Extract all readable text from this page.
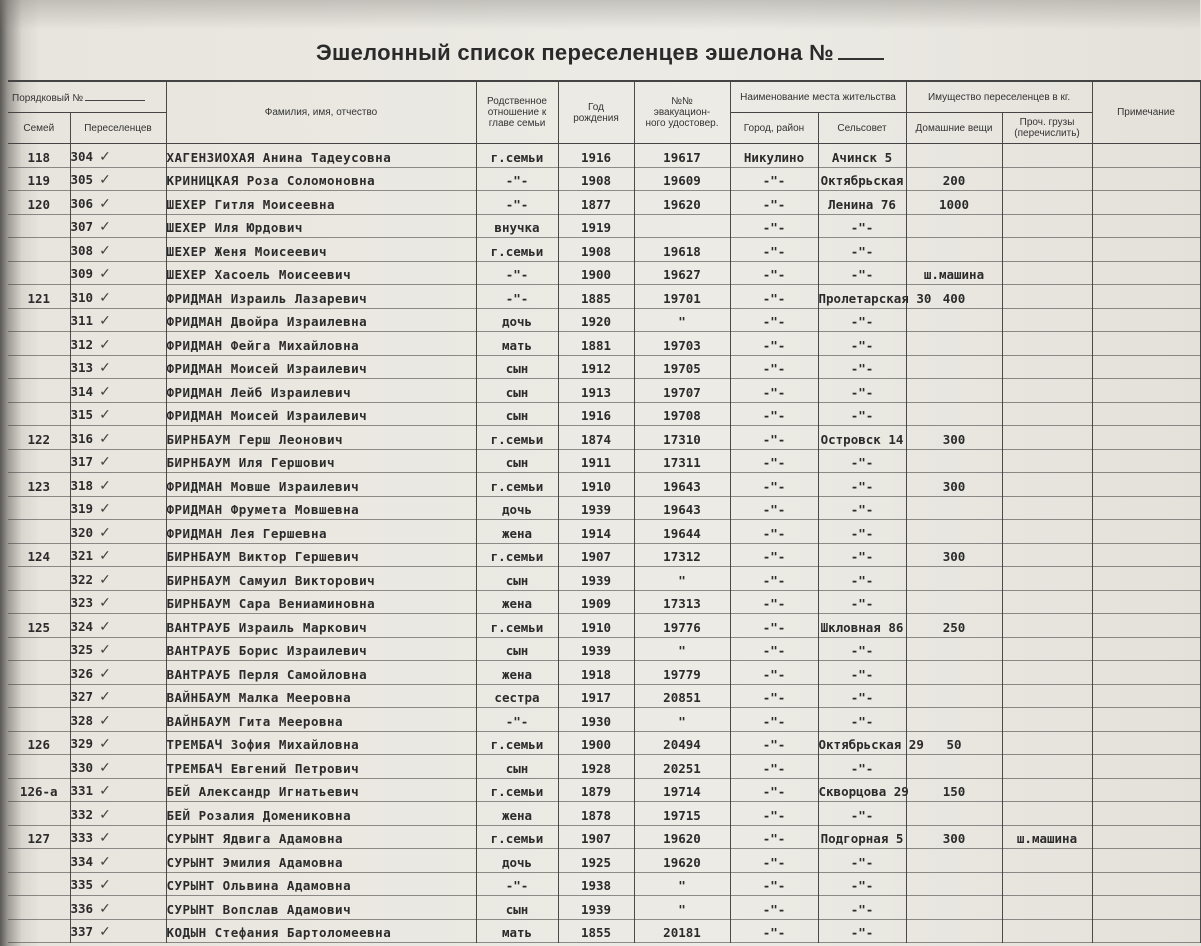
Эшелонный список переселенцев эшелона №
Порядковый №		Фамилия, имя, отчество	Родственное отношение к главе семьи	Год рождения	№№ эвакуацион- ного удостовер.	Наименование места жительства		Имущество переселенцев в кг.		Примечание
Семей	Переселенцев					Город, район	Сельсовет	Домашние вещи	Проч. грузы (перечислить)	
118	304 ✓	ХАГЕНЗИОХАЯ Анина Тадеусовна	г.семьи	1916	19617	Никулино	Ачинск 5			
119	305 ✓	КРИНИЦКАЯ Роза Соломоновна	-"-	1908	19609	-"-	Октябрьская	200		
120	306 ✓	ШЕХЕР Гитля Моисеевна	-"-	1877	19620	-"-	Ленина 76	1000		
	307 ✓	ШЕХЕР Иля Юрдович	внучка	1919		-"-	-"-			
	308 ✓	ШЕХЕР Женя Моисеевич	г.семьи	1908	19618	-"-	-"-			
	309 ✓	ШЕХЕР Хасоель Моисеевич	-"-	1900	19627	-"-	-"-	ш.машина		
121	310 ✓	ФРИДМАН Израиль Лазаревич	-"-	1885	19701	-"-	Пролетарская 30	400		
	311 ✓	ФРИДМАН Двойра Израилевна	дочь	1920	"	-"-	-"-			
	312 ✓	ФРИДМАН Фейга Михайловна	мать	1881	19703	-"-	-"-			
	313 ✓	ФРИДМАН Моисей Израилевич	сын	1912	19705	-"-	-"-			
	314 ✓	ФРИДМАН Лейб Израилевич	сын	1913	19707	-"-	-"-			
	315 ✓	ФРИДМАН Моисей Израилевич	сын	1916	19708	-"-	-"-			
122	316 ✓	БИРНБАУМ Герш Леонович	г.семьи	1874	17310	-"-	Островск 14	300		
	317 ✓	БИРНБАУМ Иля Гершович	сын	1911	17311	-"-	-"-			
123	318 ✓	ФРИДМАН Мовше Израилевич	г.семьи	1910	19643	-"-	-"-	300		
	319 ✓	ФРИДМАН Фрумета Мовшевна	дочь	1939	19643	-"-	-"-			
	320 ✓	ФРИДМАН Лея Гершевна	жена	1914	19644	-"-	-"-			
124	321 ✓	БИРНБАУМ Виктор Гершевич	г.семьи	1907	17312	-"-	-"-	300		
	322 ✓	БИРНБАУМ Самуил Викторович	сын	1939	"	-"-	-"-			
	323 ✓	БИРНБАУМ Сара Вениаминовна	жена	1909	17313	-"-	-"-			
125	324 ✓	ВАНТРАУБ Израиль Маркович	г.семьи	1910	19776	-"-	Шкловная 86	250		
	325 ✓	ВАНТРАУБ Борис Израилевич	сын	1939	"	-"-	-"-			
	326 ✓	ВАНТРАУБ Перля Самойловна	жена	1918	19779	-"-	-"-			
	327 ✓	ВАЙНБАУМ Малка Мееровна	сестра	1917	20851	-"-	-"-			
	328 ✓	ВАЙНБАУМ Гита Мееровна	-"-	1930	"	-"-	-"-			
126	329 ✓	ТРЕМБАЧ Зофия Михайловна	г.семьи	1900	20494	-"-	Октябрьская 29	50		
	330 ✓	ТРЕМБАЧ Евгений Петрович	сын	1928	20251	-"-	-"-			
126-а	331 ✓	БЕЙ Александр Игнатьевич	г.семьи	1879	19714	-"-	Скворцова 29	150		
	332 ✓	БЕЙ Розалия Домениковна	жена	1878	19715	-"-	-"-			
127	333 ✓	СУРЫНТ Ядвига Адамовна	г.семьи	1907	19620	-"-	Подгорная 5	300	ш.машина	
	334 ✓	СУРЫНТ Эмилия Адамовна	дочь	1925	19620	-"-	-"-			
	335 ✓	СУРЫНТ Ольвина Адамовна	-"-	1938	"	-"-	-"-			
	336 ✓	СУРЫНТ Вопслав Адамович	сын	1939	"	-"-	-"-			
	337 ✓	КОДЫН Стефания Бартоломеевна	мать	1855	20181	-"-	-"-			
